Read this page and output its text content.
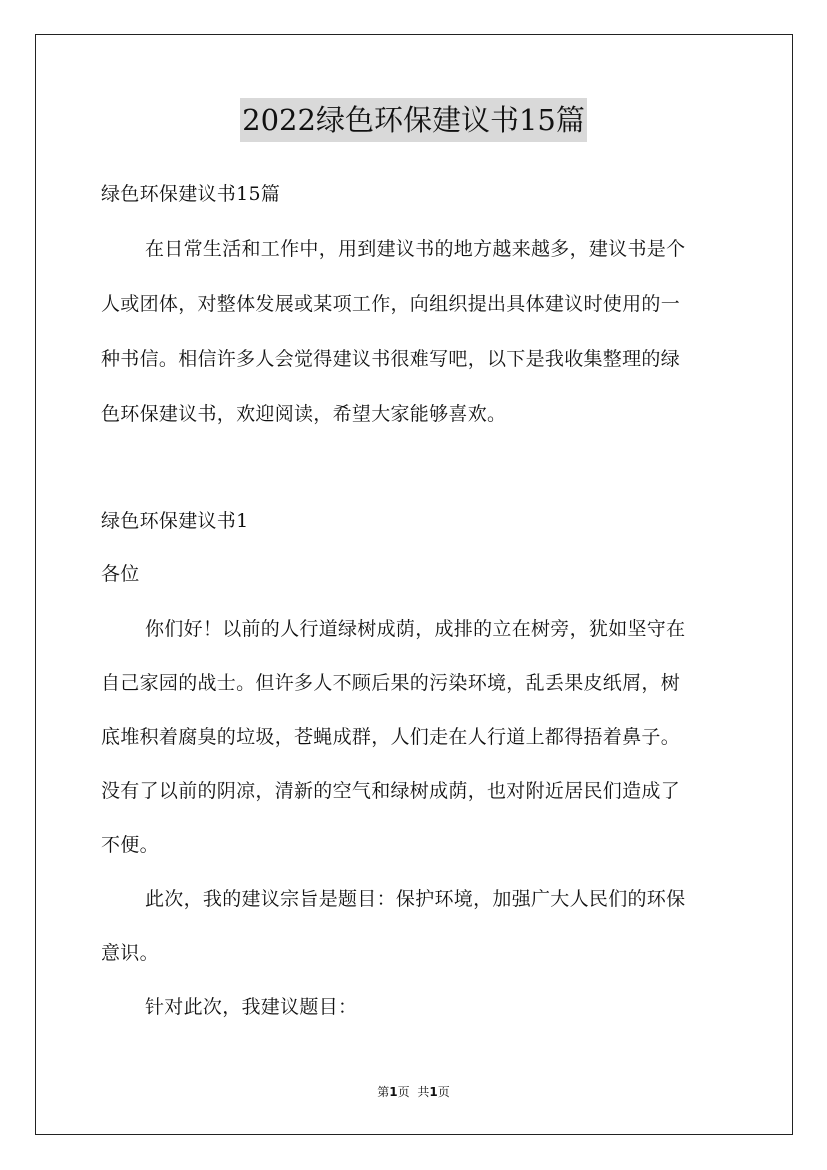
2022绿色环保建议书15篇
绿色环保建议书15篇
在日常生活和工作中，用到建议书的地方越来越多，建议书是个
人或团体，对整体发展或某项工作，向组织提出具体建议时使用的一
种书信。相信许多人会觉得建议书很难写吧，以下是我收集整理的绿
色环保建议书，欢迎阅读，希望大家能够喜欢。
绿色环保建议书1
各位
你们好！以前的人行道绿树成荫，成排的立在树旁，犹如坚守在
自己家园的战士。但许多人不顾后果的污染环境，乱丢果皮纸屑，树
底堆积着腐臭的垃圾，苍蝇成群，人们走在人行道上都得捂着鼻子。
没有了以前的阴凉，清新的空气和绿树成荫，也对附近居民们造成了
不便。
此次，我的建议宗旨是题目：保护环境，加强广大人民们的环保
意识。
针对此次，我建议题目：
第1页 共1页
